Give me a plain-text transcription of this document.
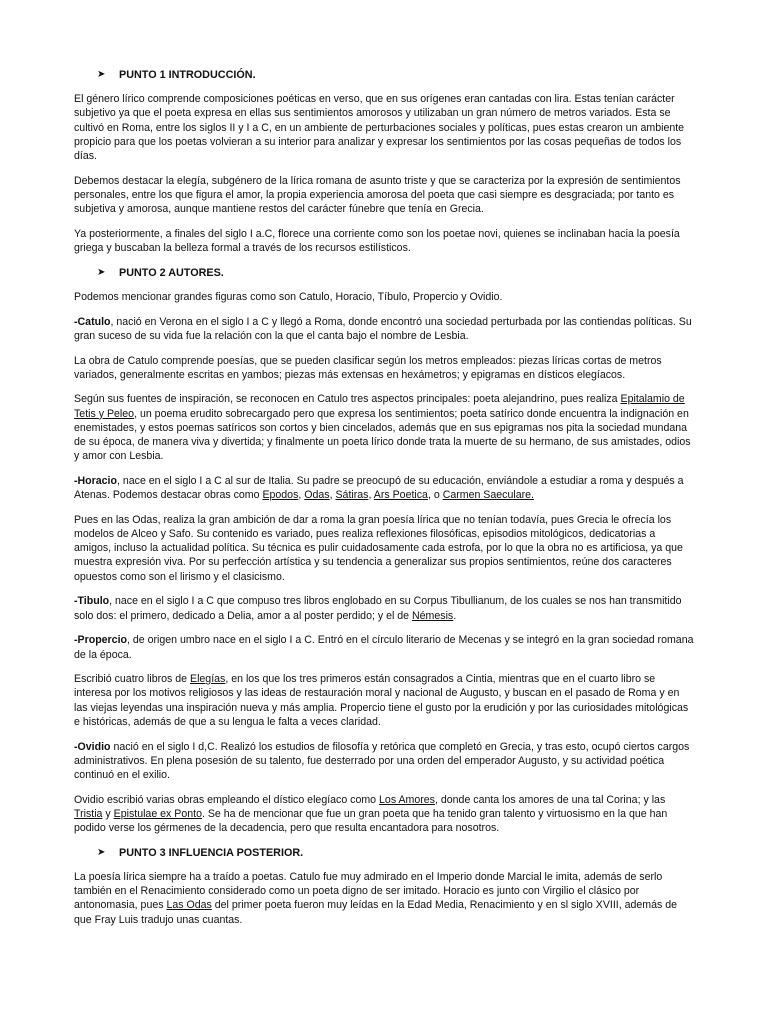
➤	PUNTO 1 INTRODUCCIÓN.

El género lírico comprende composiciones poéticas en verso, que en sus orígenes eran cantadas con lira. Estas tenían carácter subjetivo ya que el poeta expresa en ellas sus sentimientos amorosos y utilizaban un gran número de metros variados. Esta se cultivó en Roma, entre los siglos II y I a C, en un ambiente de perturbaciones sociales y políticas, pues estas crearon un ambiente propicio para que los poetas volvieran a su interior para analizar y expresar los sentimientos por las cosas pequeñas de todos los días.

Debemos destacar la elegía, subgénero de la lírica romana de asunto triste y que se caracteriza por la expresión de sentimientos personales, entre los que figura el amor, la propia experiencia amorosa del poeta que casi siempre es desgraciada; por tanto es subjetiva y amorosa, aunque mantiene restos del carácter fúnebre que tenía en Grecia.

Ya posteriormente, a finales del siglo I a.C, florece una corriente como son los poetae novi, quienes se inclinaban hacia la poesía griega y buscaban la belleza formal a través de los recursos estilísticos.

➤	PUNTO 2 AUTORES.

Podemos mencionar grandes figuras como son Catulo, Horacio, Tíbulo, Propercio y Ovidio.

-Catulo, nació en Verona en el siglo I a C y llegó a Roma, donde encontró una sociedad perturbada por las contiendas políticas. Su gran suceso de su vida fue la relación con la que el canta bajo el nombre de Lesbia.

La obra de Catulo comprende poesías, que se pueden clasificar según los metros empleados: piezas líricas cortas de metros variados, generalmente escritas en yambos; piezas más extensas en hexámetros; y epigramas en dísticos elegíacos.

Según sus fuentes de inspiración, se reconocen en Catulo tres aspectos principales: poeta alejandrino, pues realiza Epitalamio de Tetis y Peleo, un poema erudito sobrecargado pero que expresa los sentimientos; poeta satírico donde encuentra la indignación en enemistades, y estos poemas satíricos son cortos y bien cincelados, además que en sus epigramas nos pita la sociedad mundana de su época, de manera viva y divertida; y finalmente un poeta lírico donde trata la muerte de su hermano, de sus amistades, odios y amor con Lesbia.

-Horacio, nace en el siglo I a C al sur de Italia. Su padre se preocupó de su educación, enviándole a estudiar a roma y después a Atenas. Podemos destacar obras como Epodos, Odas, Sátiras, Ars Poetica, o Carmen Saeculare.

Pues en las Odas, realiza la gran ambición de dar a roma la gran poesía lírica que no tenían todavía, pues Grecia le ofrecía los modelos de Alceo y Safo. Su contenido es variado, pues realiza reflexiones filosóficas, episodios mitológicos, dedicatorias a amigos, incluso la actualidad política. Su técnica es pulir cuidadosamente cada estrofa, por lo que la obra no es artificiosa, ya que muestra expresión viva. Por su perfección artística y su tendencia a generalizar sus propios sentimientos, reúne dos caracteres opuestos como son el lirismo y el clasicismo.

-Tibulo, nace en el siglo I a C que compuso tres libros englobado en su Corpus Tibullianum, de los cuales se nos han transmitido solo dos: el primero, dedicado a Delia, amor a al poster perdido; y el de Némesis.

-Propercio, de origen umbro nace en el siglo I a C. Entró en el círculo literario de Mecenas y se integró en la gran sociedad romana de la época.

Escribió cuatro libros de Elegías, en los que los tres primeros están consagrados a Cintia, mientras que en el cuarto libro se interesa por los motivos religiosos y las ideas de restauración moral y nacional de Augusto, y buscan en el pasado de Roma y en las viejas leyendas una inspiración nueva y más amplia. Propercio tiene el gusto por la erudición y por las curiosidades mitológicas e históricas, además de que a su lengua le falta a veces claridad.

-Ovidio nació en el siglo I d,C. Realizó los estudios de filosofía y retórica que completó en Grecia, y tras esto, ocupó ciertos cargos administrativos. En plena posesión de su talento, fue desterrado por una orden del emperador Augusto, y su actividad poética continuó en el exilio.

Ovidio escribió varias obras empleando el dístico elegíaco como Los Amores, donde canta los amores de una tal Corina; y las Tristia y Epistulae ex Ponto. Se ha de mencionar que fue un gran poeta que ha tenido gran talento y virtuosismo en la que han podido verse los gérmenes de la decadencia, pero que resulta encantadora para nosotros.

➤	PUNTO 3 INFLUENCIA POSTERIOR.

La poesía lírica siempre ha a traído a poetas. Catulo fue muy admirado en el Imperio donde Marcial le imita, además de serlo también en el Renacimiento considerado como un poeta digno de ser imitado. Horacio es junto con Virgilio el clásico por antonomasia, pues Las Odas del primer poeta fueron muy leídas en la Edad Media, Renacimiento y en sl siglo XVIII, además de que Fray Luis tradujo unas cuantas.
